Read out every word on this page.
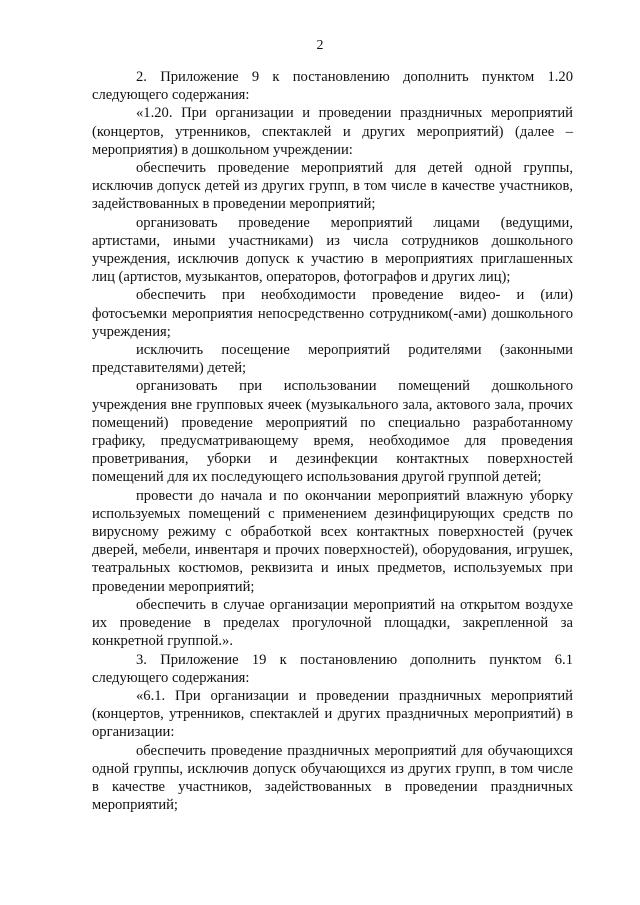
2

2. Приложение 9 к постановлению дополнить пунктом 1.20 следующего содержания:

«1.20. При организации и проведении праздничных мероприятий (концертов, утренников, спектаклей и других мероприятий) (далее – мероприятия) в дошкольном учреждении:

обеспечить проведение мероприятий для детей одной группы, исключив допуск детей из других групп, в том числе в качестве участников, задействованных в проведении мероприятий;

организовать проведение мероприятий лицами (ведущими, артистами, иными участниками) из числа сотрудников дошкольного учреждения, исключив допуск к участию в мероприятиях приглашенных лиц (артистов, музыкантов, операторов, фотографов и других лиц);

обеспечить при необходимости проведение видео- и (или) фотосъемки мероприятия непосредственно сотрудником(-ами) дошкольного учреждения;

исключить посещение мероприятий родителями (законными представителями) детей;

организовать при использовании помещений дошкольного учреждения вне групповых ячеек (музыкального зала, актового зала, прочих помещений) проведение мероприятий по специально разработанному графику, предусматривающему время, необходимое для проведения проветривания, уборки и дезинфекции контактных поверхностей помещений для их последующего использования другой группой детей;

провести до начала и по окончании мероприятий влажную уборку используемых помещений с применением дезинфицирующих средств по вирусному режиму с обработкой всех контактных поверхностей (ручек дверей, мебели, инвентаря и прочих поверхностей), оборудования, игрушек, театральных костюмов, реквизита и иных предметов, используемых при проведении мероприятий;

обеспечить в случае организации мероприятий на открытом воздухе их проведение в пределах прогулочной площадки, закрепленной за конкретной группой.».

3. Приложение 19 к постановлению дополнить пунктом 6.1 следующего содержания:

«6.1. При организации и проведении праздничных мероприятий (концертов, утренников, спектаклей и других праздничных мероприятий) в организации:

обеспечить проведение праздничных мероприятий для обучающихся одной группы, исключив допуск обучающихся из других групп, в том числе в качестве участников, задействованных в проведении праздничных мероприятий;
